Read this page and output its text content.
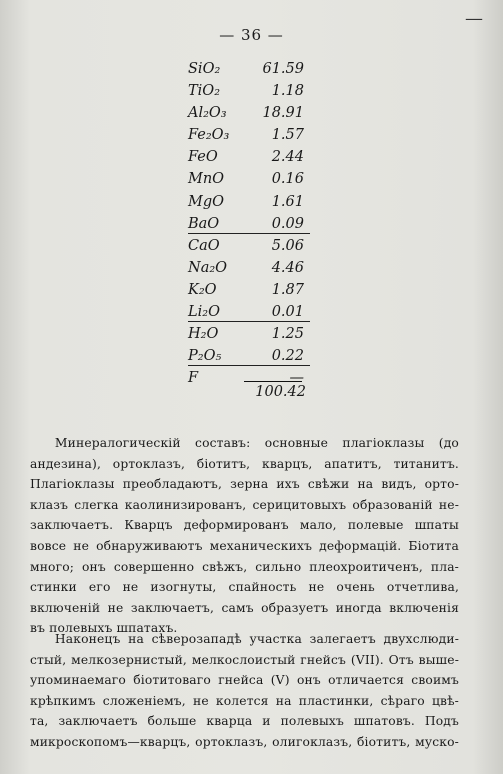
— 36 —
—
SiO₂	61.59
TiO₂	1.18
Al₂O₃ 18.91
Fe₂O₃	1.57
FeO	2.44
MnO	0.16
MgO	1.61
BaO	0.09
CaO	5.06
Na₂O	4.46
K₂O	1.87
Li₂O	0.01
H₂O	1.25
P₂O₅	0.22
F	—
100.42
  Минералогическiй составъ: основные плагiоклазы (до
андезина), ортоклазъ, бiотитъ, кварцъ, апатитъ, титанитъ.
Плагiоклазы преобладаютъ, зерна ихъ свѣжи на видъ, орто-
клазъ слегка каолинизированъ, серицитовыхъ образованiй не-
заключаетъ. Кварцъ деформированъ мало, полевые шпаты
вовсе не обнаруживаютъ механическихъ деформацiй. Бiотита
много; онъ совершенно свѣжъ, сильно плеохроитиченъ, пла-
стинки его не изогнуты, спайность не очень отчетлива,
включенiй не заключаетъ, самъ образуетъ иногда включенiя
въ полевыхъ шпатахъ.
  Наконецъ на сѣверозападѣ участка залегаетъ двухслюди-
стый, мелкозернистый, мелкослоистый гнейсъ (VII). Отъ выше-
упоминаемаго бiотитоваго гнейса (V) онъ отличается своимъ
крѣпкимъ сложенiемъ, не колется на пластинки, сѣраго цвѣ-
та, заключаетъ больше кварца и полевыхъ шпатовъ. Подъ
микроскопомъ—кварцъ, ортоклазъ, олигоклазъ, бiотитъ, муско-
